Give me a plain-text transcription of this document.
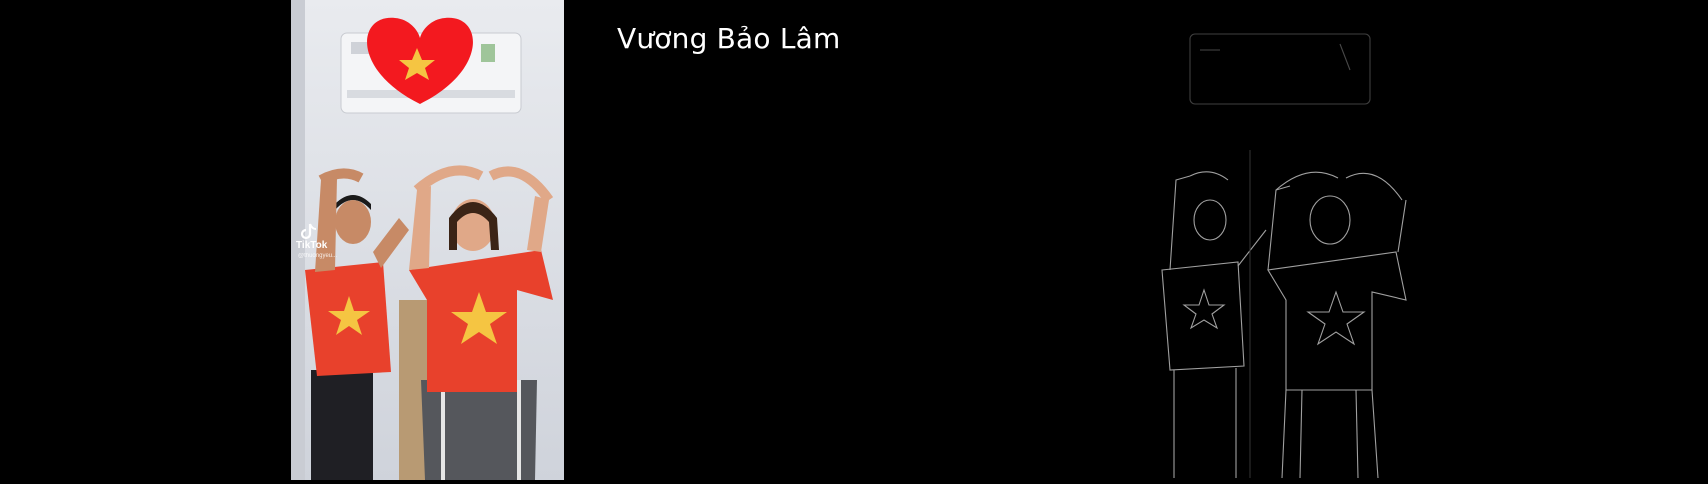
TikTok
@thuongyeu...
Vương Bảo Lâm
